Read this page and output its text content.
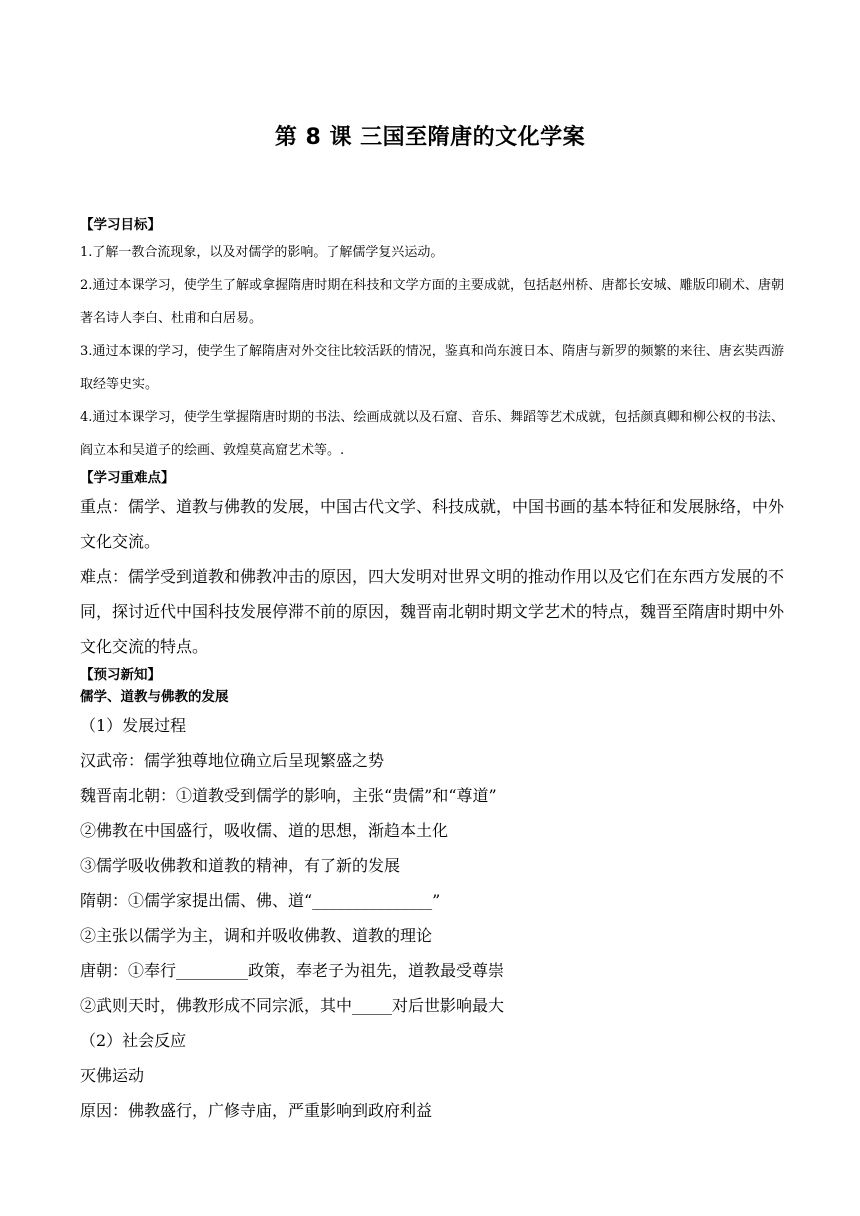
第 8 课 三国至隋唐的文化学案

【学习目标】

1.了解一教合流现象，以及对儒学的影响。了解儒学复兴运动。

2.通过本课学习，使学生了解或拿握隋唐时期在科技和文学方面的主要成就，包括赵州桥、唐都长安城、雕版印刷术、唐朝著名诗人李白、杜甫和白居易。

3.通过本课的学习，使学生了解隋唐对外交往比较活跃的情况，鉴真和尚东渡日本、隋唐与新罗的频繁的来往、唐玄奘西游取经等史实。

4.通过本课学习，使学生掌握隋唐时期的书法、绘画成就以及石窟、音乐、舞蹈等艺术成就，包括颜真卿和柳公权的书法、阎立本和吴道子的绘画、敦煌莫高窟艺术等。.

【学习重难点】

重点：儒学、道教与佛教的发展，中国古代文学、科技成就，中国书画的基本特征和发展脉络，中外文化交流。

难点：儒学受到道教和佛教冲击的原因，四大发明对世界文明的推动作用以及它们在东西方发展的不同，探讨近代中国科技发展停滞不前的原因，魏晋南北朝时期文学艺术的特点，魏晋至隋唐时期中外文化交流的特点。

【预习新知】

儒学、道教与佛教的发展

（1）发展过程

汉武帝：儒学独尊地位确立后呈现繁盛之势

魏晋南北朝：①道教受到儒学的影响，主张“贵儒”和“尊道”

②佛教在中国盛行，吸收儒、道的思想，渐趋本土化

③儒学吸收佛教和道教的精神，有了新的发展

隋朝：①儒学家提出儒、佛、道“_______________”

②主张以儒学为主，调和并吸收佛教、道教的理论

唐朝：①奉行_________政策，奉老子为祖先，道教最受尊崇

②武则天时，佛教形成不同宗派，其中_____对后世影响最大

（2）社会反应

灭佛运动

原因：佛教盛行，广修寺庙，严重影响到政府利益
